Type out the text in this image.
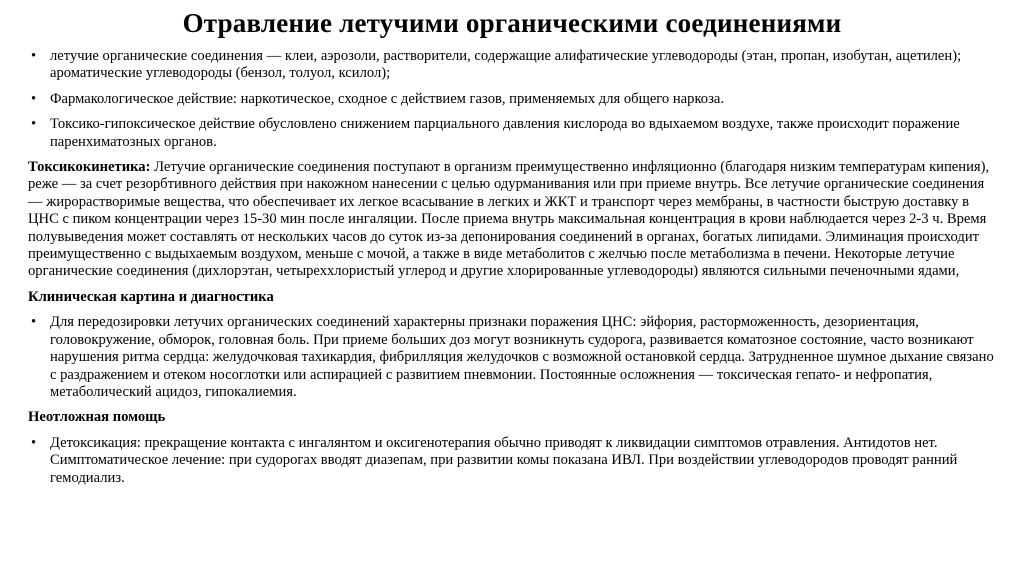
Отравление летучими органическими соединениями
• летучие органические соединения — клеи, аэрозоли, растворители, содержащие алифатические углеводороды (этан, пропан, изобутан, ацетилен); ароматические углеводороды (бензол, толуол, ксилол);
• Фармакологическое действие: наркотическое, сходное с действием газов, применяемых для общего наркоза.
• Токсико-гипоксическое действие обусловлено снижением парциального давления кислорода во вдыхаемом воздухе, также происходит поражение паренхиматозных органов.

Токсикокинетика: Летучие органические соединения поступают в организм преимущественно инфляционно (благодаря низким температурам кипения), реже — за счет резорбтивного действия при накожном нанесении с целью одурманивания или при приеме внутрь. Все летучие органические соединения — жирорастворимые вещества, что обеспечивает их легкое всасывание в легких и ЖКТ и транспорт через мембраны, в частности быструю доставку в ЦНС с пиком концентрации через 15-30 мин после ингаляции. После приема внутрь максимальная концентрация в крови наблюдается через 2-3 ч. Время полувыведения может составлять от нескольких часов до суток из-за депонирования соединений в органах, богатых липидами. Элиминация происходит преимущественно с выдыхаемым воздухом, меньше с мочой, а также в виде метаболитов с желчью после метаболизма в печени. Некоторые летучие органические соединения (дихлорэтан, четыреххлористый углерод и другие хлорированные углеводороды) являются сильными печеночными ядами,

Клиническая картина и диагностика
• Для передозировки летучих органических соединений характерны признаки поражения ЦНС: эйфория, расторможенность, дезориентация, головокружение, обморок, головная боль. При приеме больших доз могут возникнуть судорога, развивается коматозное состояние, часто возникают нарушения ритма сердца: желудочковая тахикардия, фибрилляция желудочков с возможной остановкой сердца. Затрудненное шумное дыхание связано с раздражением и отеком носоглотки или аспирацией с развитием пневмонии. Постоянные осложнения — токсическая гепато- и нефропатия, метаболический ацидоз, гипокалиемия.
Неотложная помощь
• Детоксикация: прекращение контакта с ингалянтом и оксигенотерапия обычно приводят к ликвидации симптомов отравления. Антидотов нет. Симптоматическое лечение: при судорогах вводят диазепам, при развитии комы показана ИВЛ. При воздействии углеводородов проводят ранний гемодиализ.
